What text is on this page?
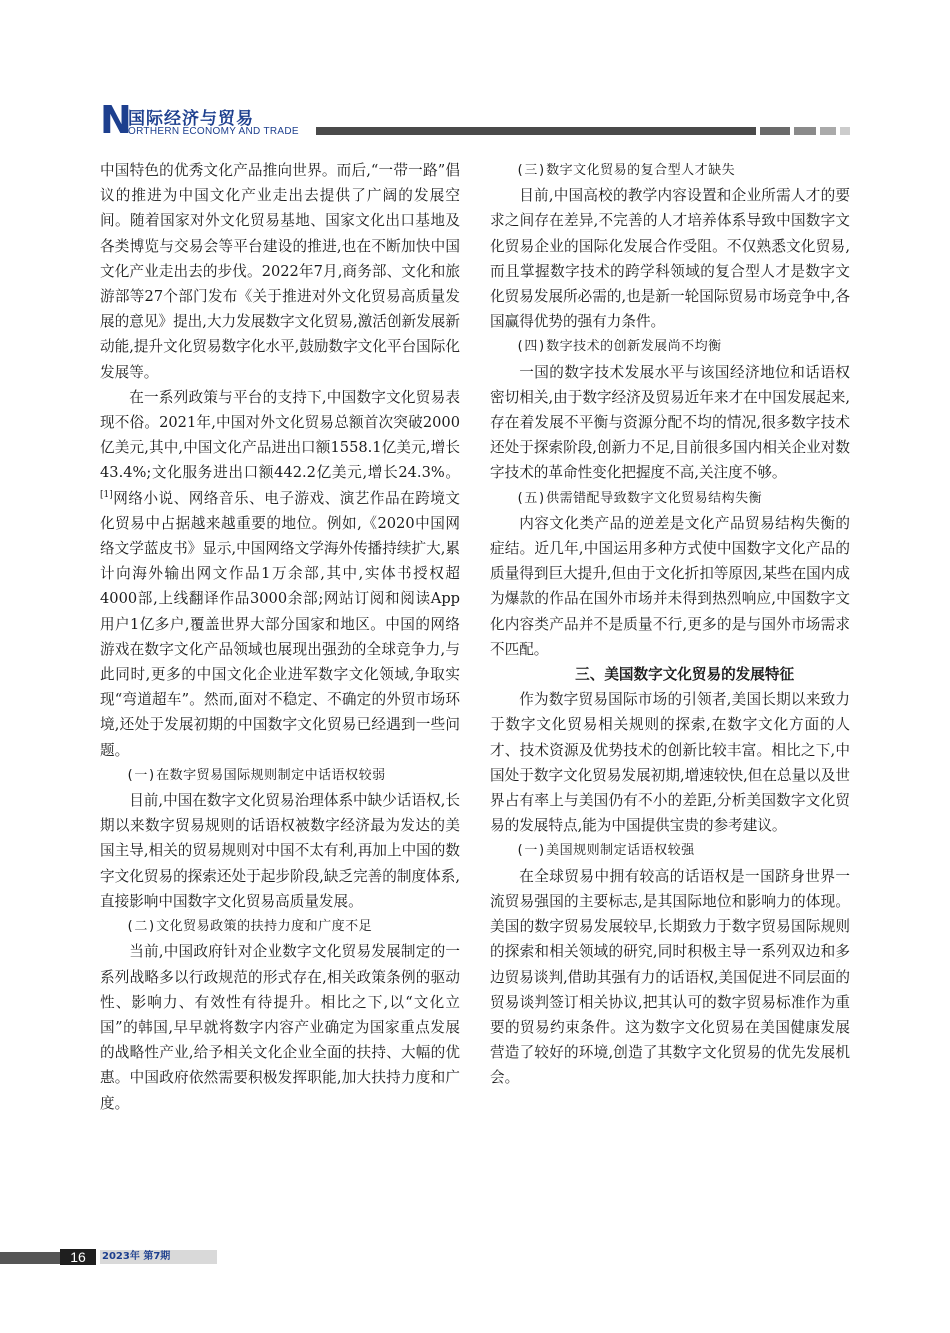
N
国际经济与贸易
ORTHERN ECONOMY AND TRADE

中国特色的优秀文化产品推向世界。而后,“一带一路”倡议的推进为中国文化产业走出去提供了广阔的发展空间。随着国家对外文化贸易基地、国家文化出口基地及各类博览与交易会等平台建设的推进,也在不断加快中国文化产业走出去的步伐。2022年7月,商务部、文化和旅游部等27个部门发布《关于推进对外文化贸易高质量发展的意见》提出,大力发展数字文化贸易,激活创新发展新动能,提升文化贸易数字化水平,鼓励数字文化平台国际化发展等。

在一系列政策与平台的支持下,中国数字文化贸易表现不俗。2021年,中国对外文化贸易总额首次突破2000亿美元,其中,中国文化产品进出口额1558.1亿美元,增长43.4%;文化服务进出口额442.2亿美元,增长24.3%。[1]网络小说、网络音乐、电子游戏、演艺作品在跨境文化贸易中占据越来越重要的地位。例如,《2020中国网络文学蓝皮书》显示,中国网络文学海外传播持续扩大,累计向海外输出网文作品1万余部,其中,实体书授权超4000部,上线翻译作品3000余部;网站订阅和阅读App用户1亿多户,覆盖世界大部分国家和地区。中国的网络游戏在数字文化产品领域也展现出强劲的全球竞争力,与此同时,更多的中国文化企业进军数字文化领域,争取实现“弯道超车”。然而,面对不稳定、不确定的外贸市场环境,还处于发展初期的中国数字文化贸易已经遇到一些问题。

(一)在数字贸易国际规则制定中话语权较弱

目前,中国在数字文化贸易治理体系中缺少话语权,长期以来数字贸易规则的话语权被数字经济最为发达的美国主导,相关的贸易规则对中国不太有利,再加上中国的数字文化贸易的探索还处于起步阶段,缺乏完善的制度体系,直接影响中国数字文化贸易高质量发展。

(二)文化贸易政策的扶持力度和广度不足

当前,中国政府针对企业数字文化贸易发展制定的一系列战略多以行政规范的形式存在,相关政策条例的驱动性、影响力、有效性有待提升。相比之下,以“文化立国”的韩国,早早就将数字内容产业确定为国家重点发展的战略性产业,给予相关文化企业全面的扶持、大幅的优惠。中国政府依然需要积极发挥职能,加大扶持力度和广度。

(三)数字文化贸易的复合型人才缺失

目前,中国高校的教学内容设置和企业所需人才的要求之间存在差异,不完善的人才培养体系导致中国数字文化贸易企业的国际化发展合作受阻。不仅熟悉文化贸易,而且掌握数字技术的跨学科领域的复合型人才是数字文化贸易发展所必需的,也是新一轮国际贸易市场竞争中,各国赢得优势的强有力条件。

(四)数字技术的创新发展尚不均衡

一国的数字技术发展水平与该国经济地位和话语权密切相关,由于数字经济及贸易近年来才在中国发展起来,存在着发展不平衡与资源分配不均的情况,很多数字技术还处于探索阶段,创新力不足,目前很多国内相关企业对数字技术的革命性变化把握度不高,关注度不够。

(五)供需错配导致数字文化贸易结构失衡

内容文化类产品的逆差是文化产品贸易结构失衡的症结。近几年,中国运用多种方式使中国数字文化产品的质量得到巨大提升,但由于文化折扣等原因,某些在国内成为爆款的作品在国外市场并未得到热烈响应,中国数字文化内容类产品并不是质量不行,更多的是与国外市场需求不匹配。

三、美国数字文化贸易的发展特征

作为数字贸易国际市场的引领者,美国长期以来致力于数字文化贸易相关规则的探索,在数字文化方面的人才、技术资源及优势技术的创新比较丰富。相比之下,中国处于数字文化贸易发展初期,增速较快,但在总量以及世界占有率上与美国仍有不小的差距,分析美国数字文化贸易的发展特点,能为中国提供宝贵的参考建议。

(一)美国规则制定话语权较强

在全球贸易中拥有较高的话语权是一国跻身世界一流贸易强国的主要标志,是其国际地位和影响力的体现。美国的数字贸易发展较早,长期致力于数字贸易国际规则的探索和相关领域的研究,同时积极主导一系列双边和多边贸易谈判,借助其强有力的话语权,美国促进不同层面的贸易谈判签订相关协议,把其认可的数字贸易标准作为重要的贸易约束条件。这为数字文化贸易在美国健康发展营造了较好的环境,创造了其数字文化贸易的优先发展机会。

16	2023年 第7期
